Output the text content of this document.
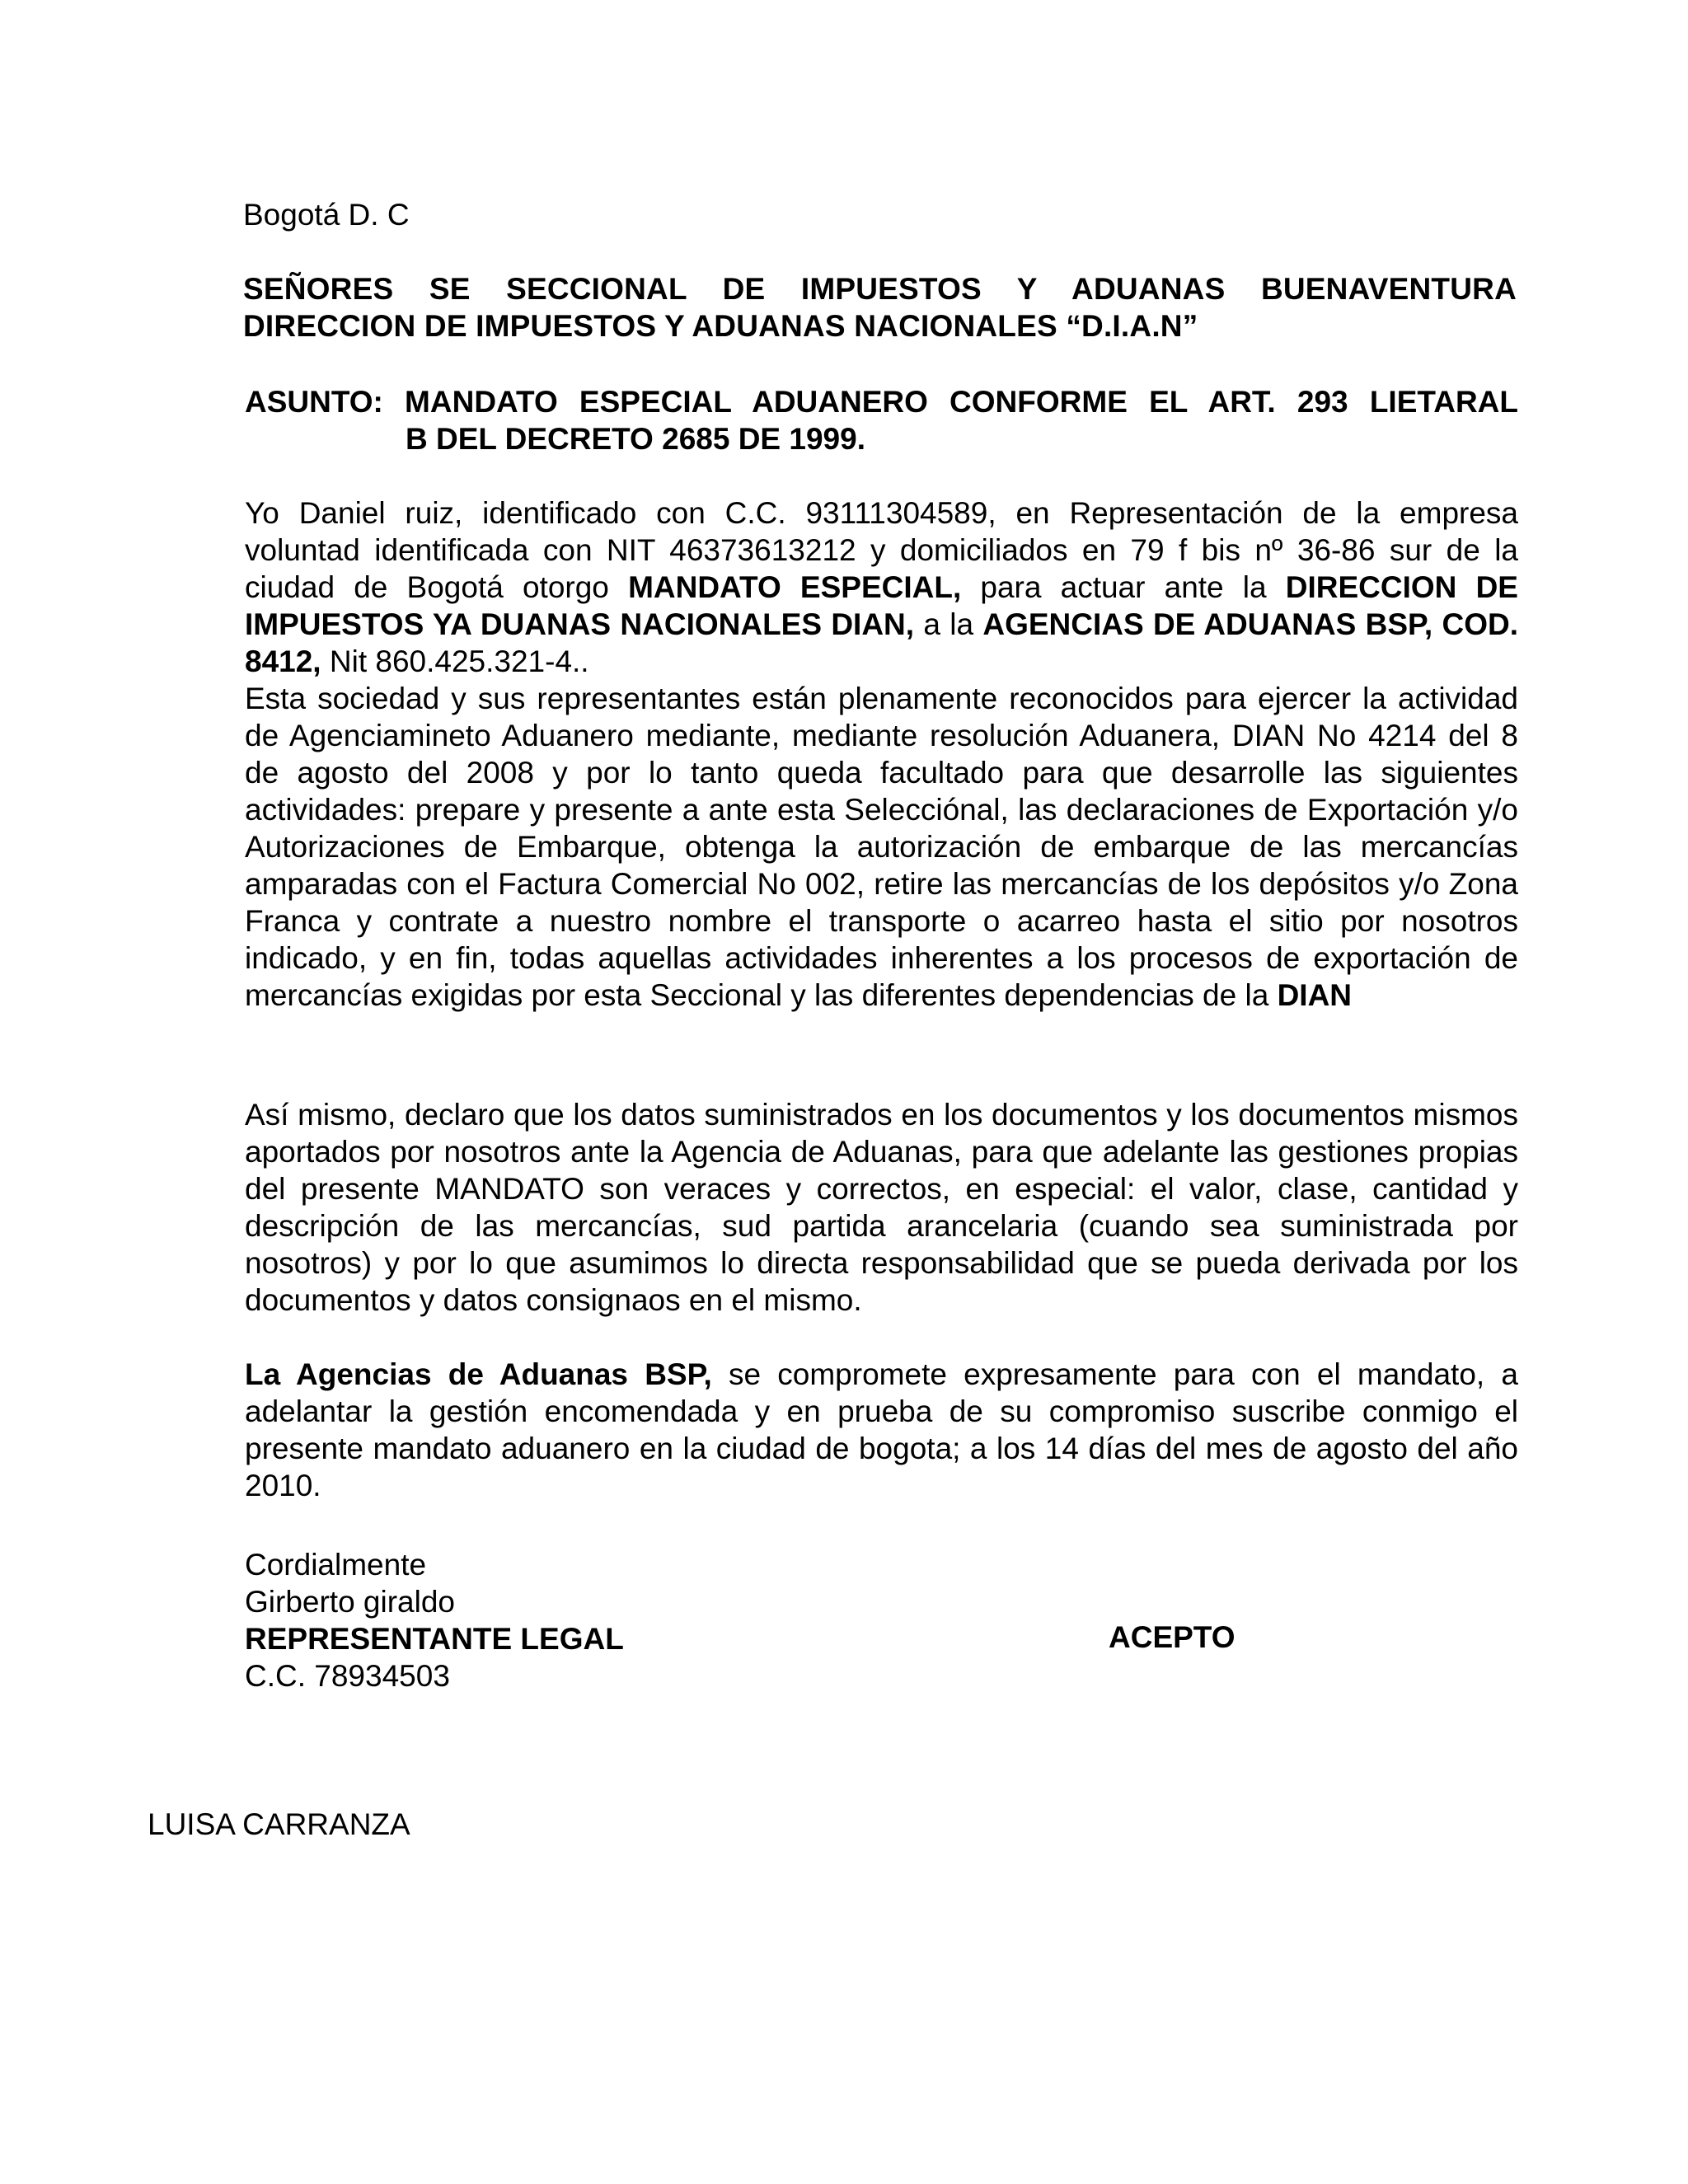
Bogotá D. C

SEÑORES SE SECCIONAL DE IMPUESTOS Y ADUANAS BUENAVENTURA

DIRECCION DE IMPUESTOS Y ADUANAS NACIONALES “D.I.A.N”

ASUNTO: MANDATO ESPECIAL ADUANERO CONFORME EL ART. 293 LIETARAL

B DEL DECRETO 2685 DE 1999.

Yo Daniel ruiz, identificado con C.C. 93111304589, en Representación de la empresa voluntad identificada con NIT 46373613212 y domiciliados en 79 f bis nº 36-86 sur de la ciudad de Bogotá otorgo MANDATO ESPECIAL, para actuar ante la DIRECCION DE IMPUESTOS YA DUANAS NACIONALES DIAN, a la AGENCIAS DE ADUANAS BSP, COD. 8412, Nit 860.425.321-4..

Esta sociedad y sus representantes están plenamente reconocidos para ejercer la actividad de Agenciamineto Aduanero mediante, mediante resolución Aduanera, DIAN No 4214 del 8 de agosto del 2008 y por lo tanto queda facultado para que desarrolle las siguientes actividades: prepare y presente a ante esta Selecciónal, las declaraciones de Exportación y/o Autorizaciones de Embarque, obtenga la autorización de embarque de las mercancías amparadas con el Factura Comercial No 002, retire las mercancías de los depósitos y/o Zona Franca y contrate a nuestro nombre el transporte o acarreo hasta el sitio por nosotros indicado, y en fin, todas aquellas actividades inherentes a los procesos de exportación de mercancías exigidas por esta Seccional y las diferentes dependencias de la DIAN

Así mismo, declaro que los datos suministrados en los documentos y los documentos mismos aportados por nosotros ante la Agencia de Aduanas, para que adelante las gestiones propias del presente MANDATO son veraces y correctos, en especial: el valor, clase, cantidad y descripción de las mercancías, sud partida arancelaria (cuando sea suministrada por nosotros) y por lo que asumimos lo directa responsabilidad que se pueda derivada por los documentos y datos consignaos en el mismo.
La Agencias de Aduanas BSP, se compromete expresamente para con el mandato, a adelantar la gestión encomendada y en prueba de su compromiso suscribe conmigo el presente mandato aduanero en la ciudad de bogota; a los 14 días del mes de agosto del año 2010.
Cordialmente
Girberto giraldo
REPRESENTANTE LEGAL
C.C. 78934503
ACEPTO
LUISA CARRANZA
